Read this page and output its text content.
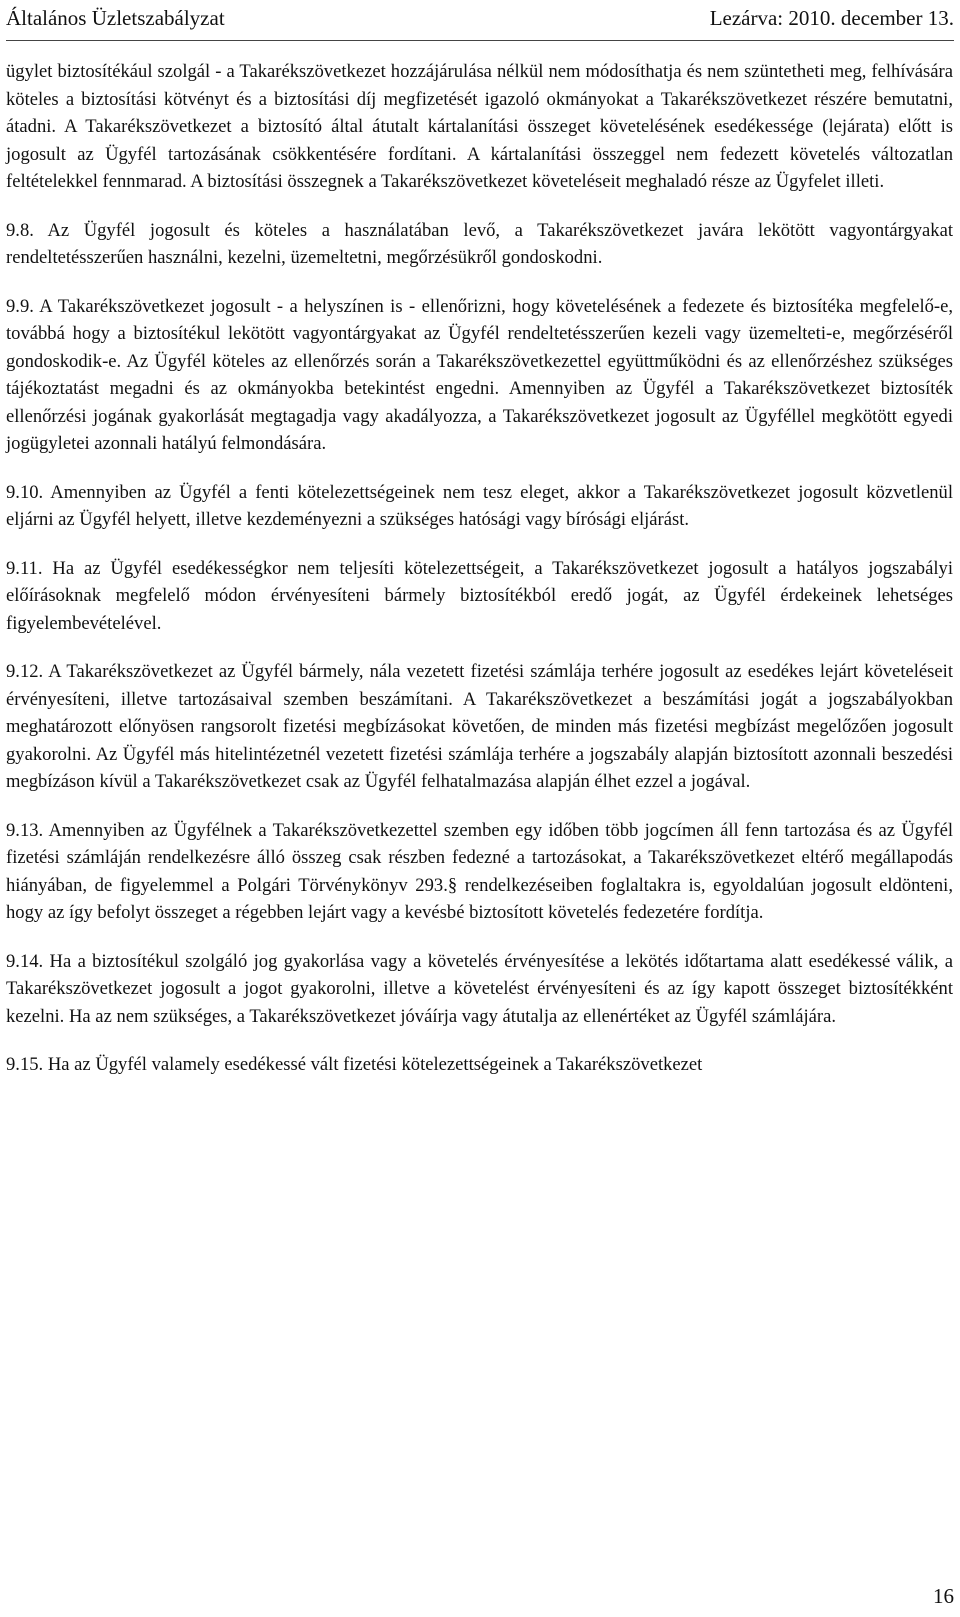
Általános Üzletszabályzat	Lezárva: 2010. december 13.

ügylet biztosítékául szolgál - a Takarékszövetkezet hozzájárulása nélkül nem módosíthatja és nem szüntetheti meg, felhívására köteles a biztosítási kötvényt és a biztosítási díj megfizetését igazoló okmányokat a Takarékszövetkezet részére bemutatni, átadni. A Takarékszövetkezet a biztosító által átutalt kártalanítási összeget követelésének esedékessége (lejárata) előtt is jogosult az Ügyfél tartozásának csökkentésére fordítani. A kártalanítási összeggel nem fedezett követelés változatlan feltételekkel fennmarad. A biztosítási összegnek a Takarékszövetkezet követeléseit meghaladó része az Ügyfelet illeti.

9.8. Az Ügyfél jogosult és köteles a használatában levő, a Takarékszövetkezet javára lekötött vagyontárgyakat rendeltetésszerűen használni, kezelni, üzemeltetni, megőrzésükről gondoskodni.

9.9. A Takarékszövetkezet jogosult - a helyszínen is - ellenőrizni, hogy követelésének a fedezete és biztosítéka megfelelő-e, továbbá hogy a biztosítékul lekötött vagyontárgyakat az Ügyfél rendeltetésszerűen kezeli vagy üzemelteti-e, megőrzéséről gondoskodik-e. Az Ügyfél köteles az ellenőrzés során a Takarékszövetkezettel együttműködni és az ellenőrzéshez szükséges tájékoztatást megadni és az okmányokba betekintést engedni. Amennyiben az Ügyfél a Takarékszövetkezet biztosíték ellenőrzési jogának gyakorlását megtagadja vagy akadályozza, a Takarékszövetkezet jogosult az Ügyféllel megkötött egyedi jogügyletei azonnali hatályú felmondására.

9.10. Amennyiben az Ügyfél a fenti kötelezettségeinek nem tesz eleget, akkor a Takarékszövetkezet jogosult közvetlenül eljárni az Ügyfél helyett, illetve kezdeményezni a szükséges hatósági vagy bírósági eljárást.

9.11. Ha az Ügyfél esedékességkor nem teljesíti kötelezettségeit, a Takarékszövetkezet jogosult a hatályos jogszabályi előírásoknak megfelelő módon érvényesíteni bármely biztosítékból eredő jogát, az Ügyfél érdekeinek lehetséges figyelembevételével.

9.12. A Takarékszövetkezet az Ügyfél bármely, nála vezetett fizetési számlája terhére jogosult az esedékes lejárt követeléseit érvényesíteni, illetve tartozásaival szemben beszámítani. A Takarékszövetkezet a beszámítási jogát a jogszabályokban meghatározott előnyösen rangsorolt fizetési megbízásokat követően, de minden más fizetési megbízást megelőzően jogosult gyakorolni. Az Ügyfél más hitelintézetnél vezetett fizetési számlája terhére a jogszabály alapján biztosított azonnali beszedési megbízáson kívül a Takarékszövetkezet csak az Ügyfél felhatalmazása alapján élhet ezzel a jogával.

9.13. Amennyiben az Ügyfélnek a Takarékszövetkezettel szemben egy időben több jogcímen áll fenn tartozása és az Ügyfél fizetési számláján rendelkezésre álló összeg csak részben fedezné a tartozásokat, a Takarékszövetkezet eltérő megállapodás hiányában, de figyelemmel a Polgári Törvénykönyv 293.§ rendelkezéseiben foglaltakra is, egyoldalúan jogosult eldönteni, hogy az így befolyt összeget a régebben lejárt vagy a kevésbé biztosított követelés fedezetére fordítja.

9.14. Ha a biztosítékul szolgáló jog gyakorlása vagy a követelés érvényesítése a lekötés időtartama alatt esedékessé válik, a Takarékszövetkezet jogosult a jogot gyakorolni, illetve a követelést érvényesíteni és az így kapott összeget biztosítékként kezelni. Ha az nem szükséges, a Takarékszövetkezet jóváírja vagy átutalja az ellenértéket az Ügyfél számlájára.

9.15. Ha az Ügyfél valamely esedékessé vált fizetési kötelezettségeinek a Takarékszövetkezet

16
